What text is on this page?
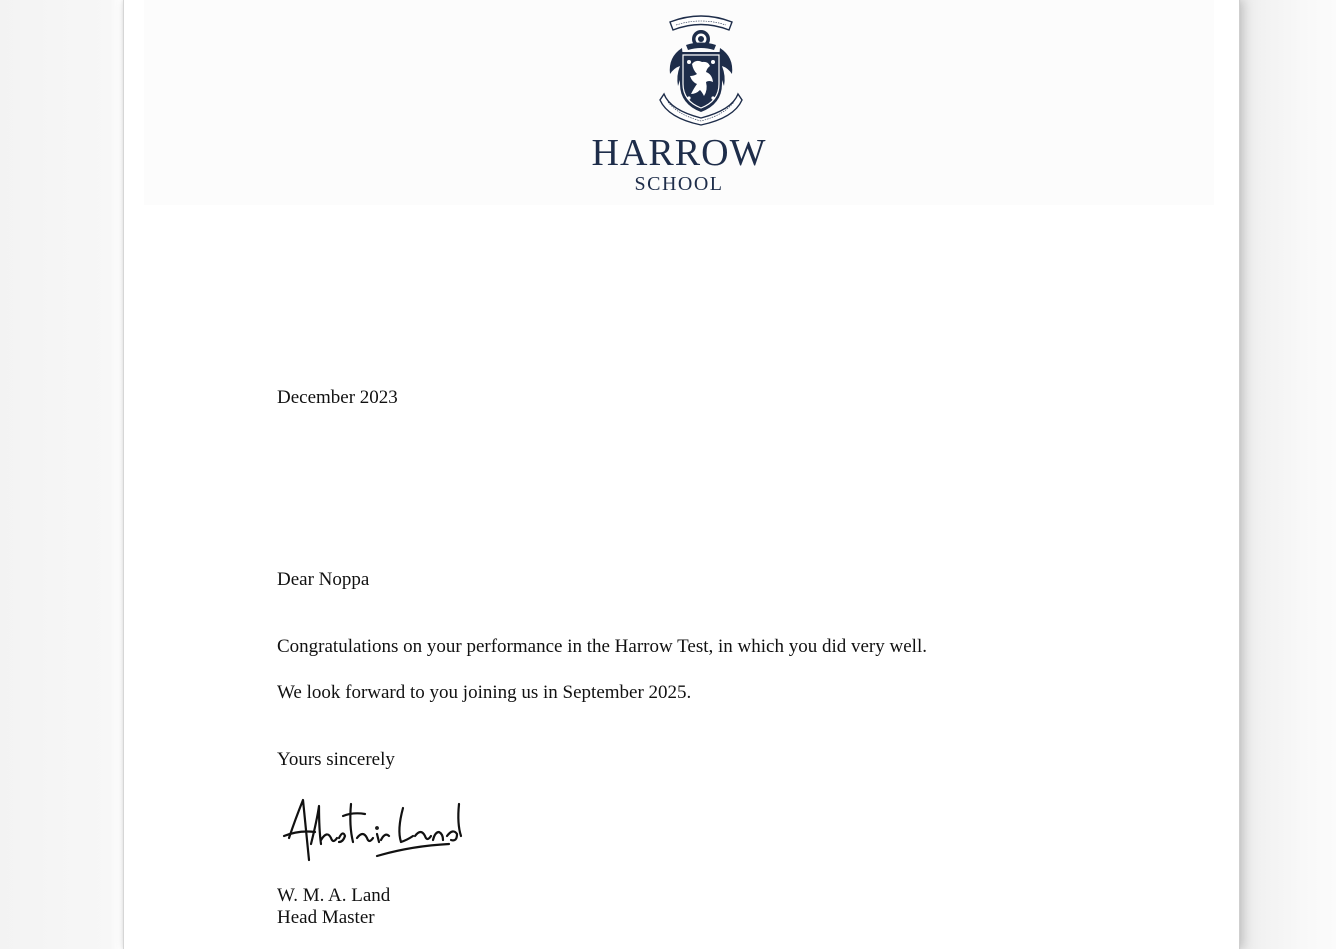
HARROW

SCHOOL

December 2023

Dear Noppa

Congratulations on your performance in the Harrow Test, in which you did very well.

We look forward to you joining us in September 2025.

Yours sincerely

W. M. A. Land

Head Master
